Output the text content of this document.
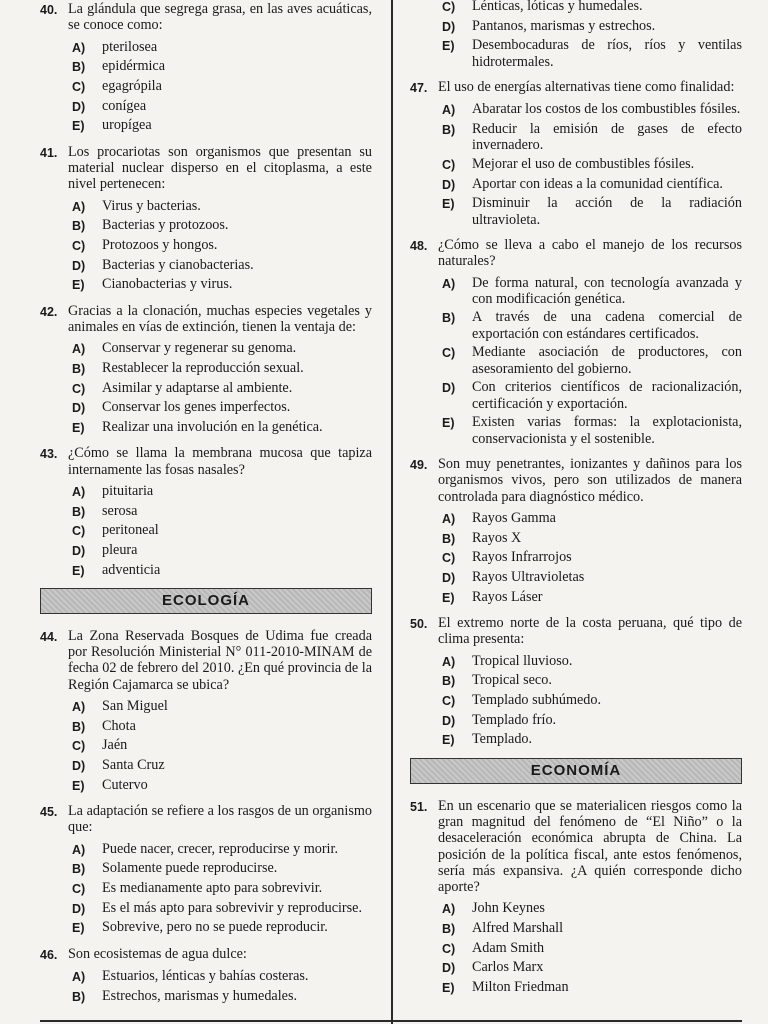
40. La glándula que segrega grasa, en las aves acuáticas, se conoce como:
A)	pterilosea
B)	epidérmica
C)	egagrópila
D)	conígea
E)	uropígea
41. Los procariotas son organismos que presentan su material nuclear disperso en el citoplasma, a este nivel pertenecen:
A)	Virus y bacterias.
B)	Bacterias y protozoos.
C)	Protozoos y hongos.
D)	Bacterias y cianobacterias.
E)	Cianobacterias y virus.
42. Gracias a la clonación, muchas especies vegetales y animales en vías de extinción, tienen la ventaja de:
A)	Conservar y regenerar su genoma.
B)	Restablecer la reproducción sexual.
C)	Asimilar y adaptarse al ambiente.
D)	Conservar los genes imperfectos.
E)	Realizar una involución en la genética.
43. ¿Cómo se llama la membrana mucosa que tapiza internamente las fosas nasales?
A)	pituitaria
B)	serosa
C)	peritoneal
D)	pleura
E)	adventicia
ECOLOGÍA
44. La Zona Reservada Bosques de Udima fue creada por Resolución Ministerial N° 011-2010-MINAM de fecha 02 de febrero del 2010. ¿En qué provincia de la Región Cajamarca se ubica?
A)	San Miguel
B)	Chota
C)	Jaén
D)	Santa Cruz
E)	Cutervo
45. La adaptación se refiere a los rasgos de un organismo que:
A)	Puede nacer, crecer, reproducirse y morir.
B)	Solamente puede reproducirse.
C)	Es medianamente apto para sobrevivir.
D)	Es el más apto para sobrevivir y reproducirse.
E)	Sobrevive, pero no se puede reproducir.
46. Son ecosistemas de agua dulce:
A)	Estuarios, lénticas y bahías costeras.
B)	Estrechos, marismas y humedales.
C)	Lénticas, lóticas y humedales.
D)	Pantanos, marismas y estrechos.
E)	Desembocaduras de ríos, ríos y ventilas hidrotermales.
47. El uso de energías alternativas tiene como finalidad:
A)	Abaratar los costos de los combustibles fósiles.
B)	Reducir la emisión de gases de efecto invernadero.
C)	Mejorar el uso de combustibles fósiles.
D)	Aportar con ideas a la comunidad científica.
E)	Disminuir la acción de la radiación ultravioleta.
48. ¿Cómo se lleva a cabo el manejo de los recursos naturales?
A)	De forma natural, con tecnología avanzada y con modificación genética.
B)	A través de una cadena comercial de exportación con estándares certificados.
C)	Mediante asociación de productores, con asesoramiento del gobierno.
D)	Con criterios científicos de racionalización, certificación y exportación.
E)	Existen varias formas: la explotacionista, conservacionista y el sostenible.
49. Son muy penetrantes, ionizantes y dañinos para los organismos vivos, pero son utilizados de manera controlada para diagnóstico médico.
A)	Rayos Gamma
B)	Rayos X
C)	Rayos Infrarrojos
D)	Rayos Ultravioletas
E)	Rayos Láser
50. El extremo norte de la costa peruana, qué tipo de clima presenta:
A)	Tropical lluvioso.
B)	Tropical seco.
C)	Templado subhúmedo.
D)	Templado frío.
E)	Templado.
ECONOMÍA
51. En un escenario que se materialicen riesgos como la gran magnitud del fenómeno de “El Niño” o la desaceleración económica abrupta de China. La posición de la política fiscal, ante estos fenómenos, sería más expansiva. ¿A quién corresponde dicho aporte?
A)	John Keynes
B)	Alfred Marshall
C)	Adam Smith
D)	Carlos Marx
E)	Milton Friedman
